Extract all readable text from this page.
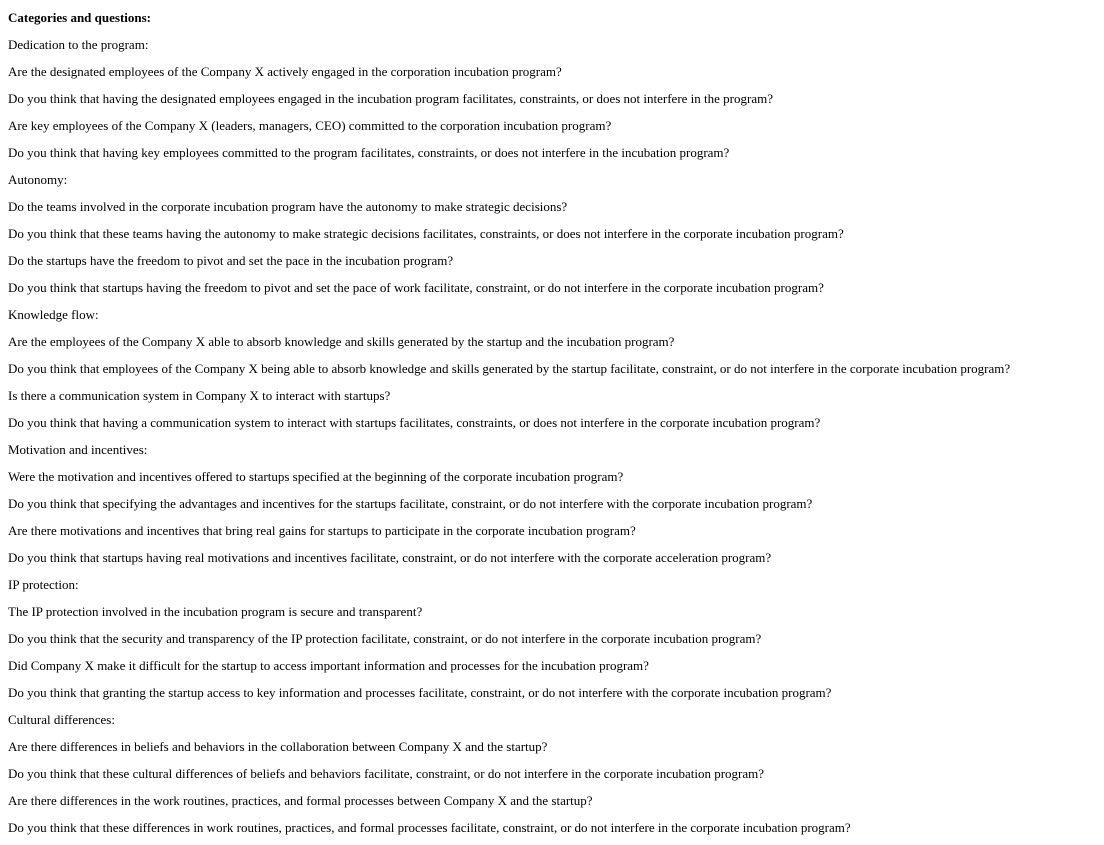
Categories and questions:
Dedication to the program:
Are the designated employees of the Company X actively engaged in the corporation incubation program?
Do you think that having the designated employees engaged in the incubation program facilitates, constraints, or does not interfere in the program?
Are key employees of the Company X (leaders, managers, CEO) committed to the corporation incubation program?
Do you think that having key employees committed to the program facilitates, constraints, or does not interfere in the incubation program?
Autonomy:
Do the teams involved in the corporate incubation program have the autonomy to make strategic decisions?
Do you think that these teams having the autonomy to make strategic decisions facilitates, constraints, or does not interfere in the corporate incubation program?
Do the startups have the freedom to pivot and set the pace in the incubation program?
Do you think that startups having the freedom to pivot and set the pace of work facilitate, constraint, or do not interfere in the corporate incubation program?
Knowledge flow:
Are the employees of the Company X able to absorb knowledge and skills generated by the startup and the incubation program?
Do you think that employees of the Company X being able to absorb knowledge and skills generated by the startup facilitate, constraint, or do not interfere in the corporate incubation program?
Is there a communication system in Company X to interact with startups?
Do you think that having a communication system to interact with startups facilitates, constraints, or does not interfere in the corporate incubation program?
Motivation and incentives:
Were the motivation and incentives offered to startups specified at the beginning of the corporate incubation program?
Do you think that specifying the advantages and incentives for the startups facilitate, constraint, or do not interfere with the corporate incubation program?
Are there motivations and incentives that bring real gains for startups to participate in the corporate incubation program?
Do you think that startups having real motivations and incentives facilitate, constraint, or do not interfere with the corporate acceleration program?
IP protection:
The IP protection involved in the incubation program is secure and transparent?
Do you think that the security and transparency of the IP protection facilitate, constraint, or do not interfere in the corporate incubation program?
Did Company X make it difficult for the startup to access important information and processes for the incubation program?
Do you think that granting the startup access to key information and processes facilitate, constraint, or do not interfere with the corporate incubation program?
Cultural differences:
Are there differences in beliefs and behaviors in the collaboration between Company X and the startup?
Do you think that these cultural differences of beliefs and behaviors facilitate, constraint, or do not interfere in the corporate incubation program?
Are there differences in the work routines, practices, and formal processes between Company X and the startup?
Do you think that these differences in work routines, practices, and formal processes facilitate, constraint, or do not interfere in the corporate incubation program?
